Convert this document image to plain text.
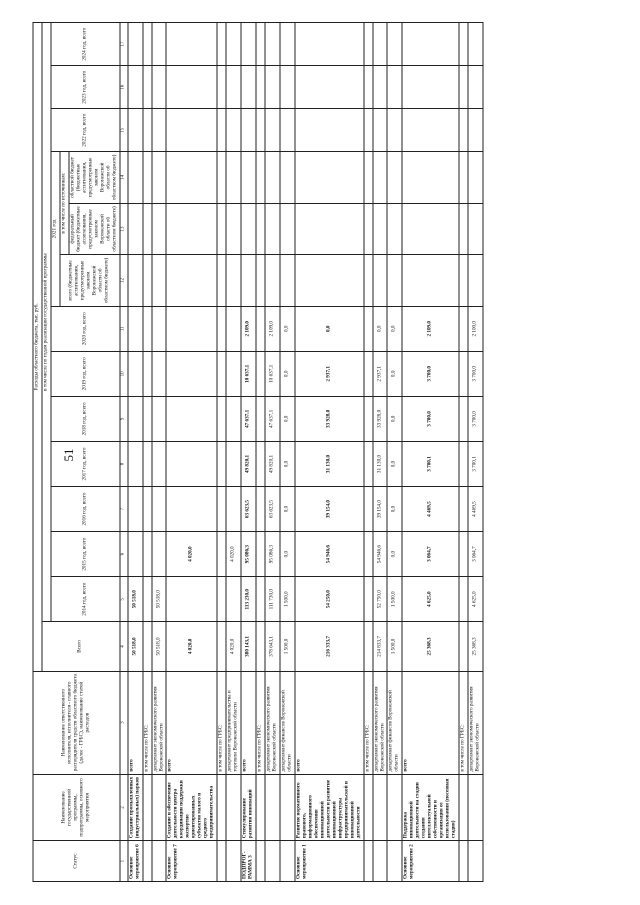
51
Статус	Наименование государственной программы, подпрограммы, основного мероприятия	Наименование ответственного исполнителя, исполнителя - главного распорядителя средств областного бюджета (далее - ГРБС), наименование статей расходов	Расходы областного бюджета, тыс. руб.													
			Всего	в том числе по годам реализации государственной программы												
				2014 год, всего	2015 год, всего	2016 год, всего	2017 год, всего	2018 год, всего	2019 год, всего	2020 год, всего	2021 год			2022 год, всего	2023 год, всего	2024 год, всего
											всего (бюджетные ассигнования, предусмотренные законом Воронежской области об областном бюджете)	в том числе по источникам:				
												федеральный бюджет (бюджетные ассигнования, предусмотренные законом Воронежской области об областном бюджете)	областной бюджет (бюджетные ассигнования, предусмотренные законом Воронежской области об областном бюджете)			
1	2	3	4	5	6	7	8	9	10	11	12	13	14	15	16	17
Основное мероприятие 6	Создание промышленных (индустриальных) парков	всего	50 518,0	50 518,0												
		в том числе по ГРБС:														
		департамент экономического развития Воронежской области	50 518,0	50 518,0												
Основное мероприятие 7	Создание и обеспечение деятельности центра координации поддержки экспортно ориентированных субъектов малого и среднего предпринимательства	всего	4 020,0		4 020,0											
		в том числе по ГРБС:														
		департамент предпринимательства и торговли Воронежской области	4 020,0		4 020,0											
ПОДПРОГ-РАММА 3	Стимулирование развития инноваций	всего	380 143,1	113 230,0	95 086,3	63 623,5	49 820,1	47 637,1	10 637,1	2 109,0						
		в том числе по ГРБС:														
		департамент экономического развития Воронежской области	378 643,1	111 730,0	95 086,3	63 623,5	49 820,1	47 637,1	10 637,1	2 109,0						
		департамент финансов Воронежской области	1 500,0	1 500,0	0,0	0,0	0,0	0,0	0,0	0,0						
Основное мероприятие 1	Развитие нормативного правового, информационного обеспечения инновационной деятельности и развитие инновационной инфраструктуры предпринимательской и инновационной деятельности	всего	216 333,7	54 250,0	54 946,6	39 154,0	31 130,0	33 928,0	2 937,1	0,0						
		в том числе по ГРБС:														
		департамент экономического развития Воронежской области	214 833,7	52 750,0	54 946,6	39 154,0	31 130,0	33 928,0	2 937,1	0,0						
		департамент финансов Воронежской области	1 500,0	1 500,0	0,0	0,0	0,0	0,0	0,0	0,0						
Основное мероприятие 2	Поддержка инновационной деятельности на стадии создания интеллектуальной собственности и организация ее использования (посевная стадия)	всего	25 368,3	4 625,0	3 064,7	4 469,5	3 700,1	3 700,0	3 700,0	2 109,0						
		в том числе по ГРБС:														
		департамент экономического развития Воронежской области	25 368,3	4 625,0	3 064,7	4 469,5	3 700,1	3 700,0	3 700,0	2 100,0						
